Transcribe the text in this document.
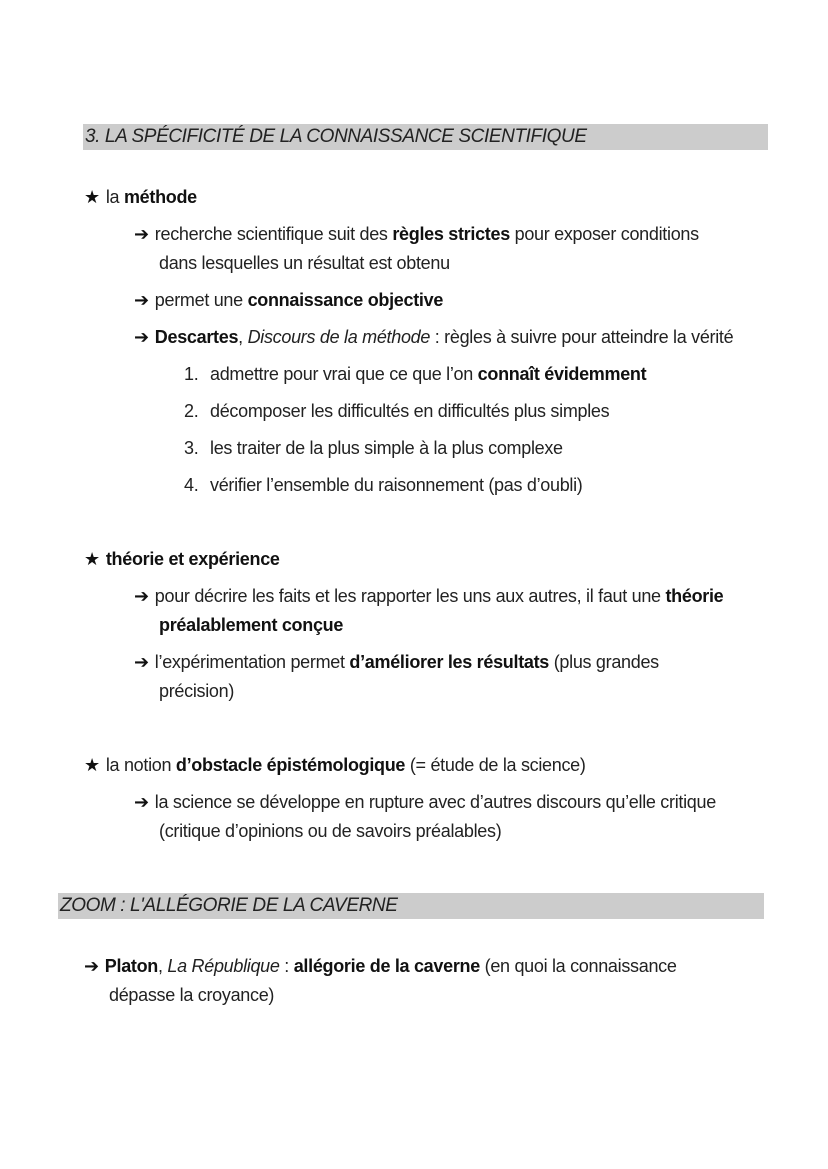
3. LA SPÉCIFICITÉ DE LA CONNAISSANCE SCIENTIFIQUE
★ la méthode
➔ recherche scientifique suit des règles strictes pour exposer conditions
dans lesquelles un résultat est obtenu
➔ permet une connaissance objective
➔ Descartes, Discours de la méthode : règles à suivre pour atteindre la vérité
1. admettre pour vrai que ce que l’on connaît évidemment
2. décomposer les difficultés en difficultés plus simples
3. les traiter de la plus simple à la plus complexe
4. vérifier l’ensemble du raisonnement (pas d’oubli)
★ théorie et expérience
➔ pour décrire les faits et les rapporter les uns aux autres, il faut une théorie
préalablement conçue
➔ l’expérimentation permet d’améliorer les résultats (plus grandes
précision)
★ la notion d’obstacle épistémologique (= étude de la science)
➔ la science se développe en rupture avec d’autres discours qu’elle critique
(critique d’opinions ou de savoirs préalables)
ZOOM : L'ALLÉGORIE DE LA CAVERNE
➔ Platon, La République : allégorie de la caverne (en quoi la connaissance
dépasse la croyance)
